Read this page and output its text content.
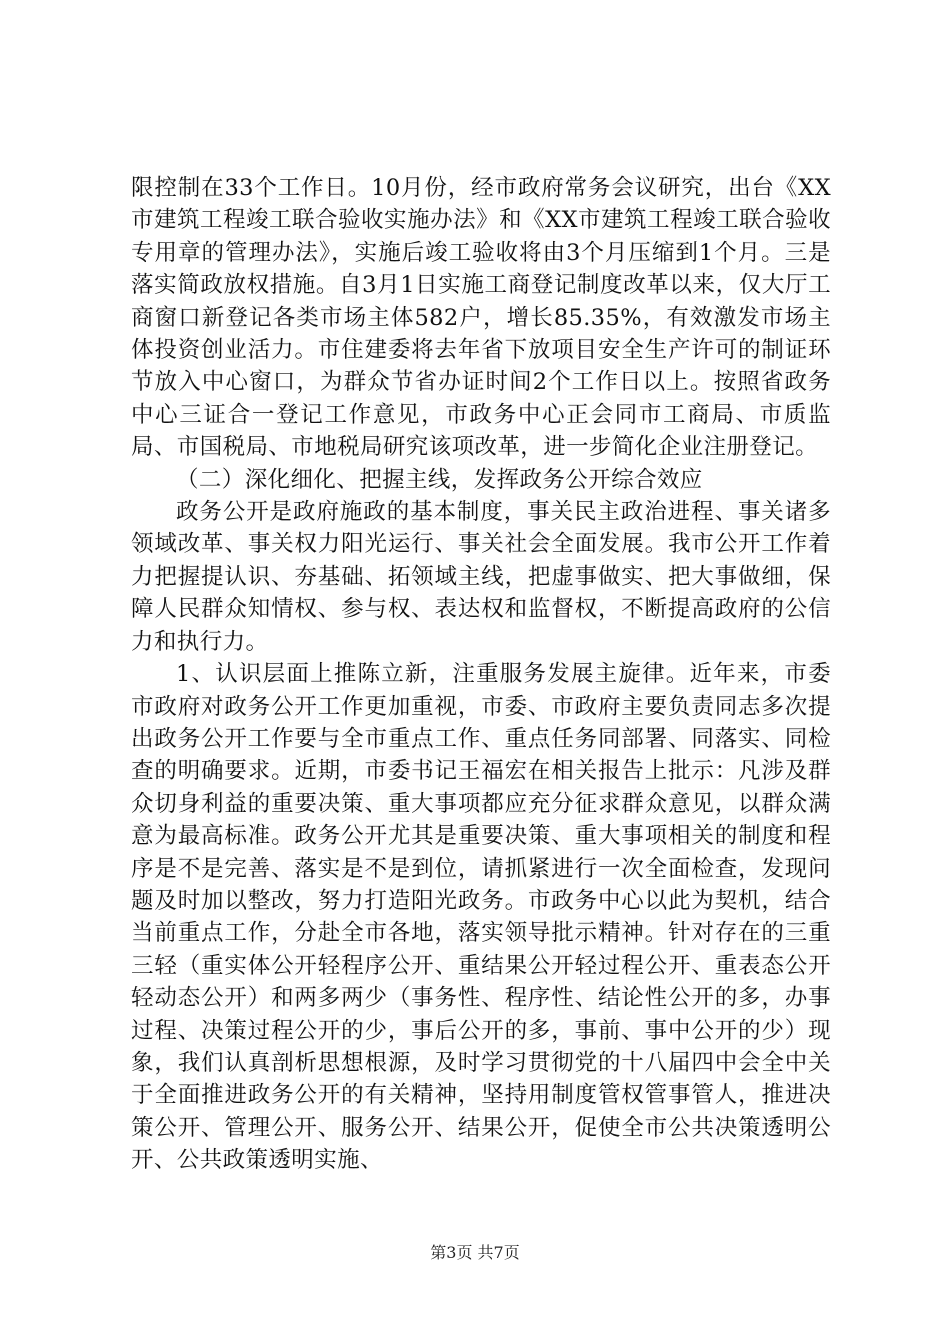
限控制在33个工作日。10月份，经市政府常务会议研究，出台《XX市建筑工程竣工联合验收实施办法》和《XX市建筑工程竣工联合验收专用章的管理办法》，实施后竣工验收将由3个月压缩到1个月。三是落实简政放权措施。自3月1日实施工商登记制度改革以来，仅大厅工商窗口新登记各类市场主体582户，增长85.35%，有效激发市场主体投资创业活力。市住建委将去年省下放项目安全生产许可的制证环节放入中心窗口，为群众节省办证时间2个工作日以上。按照省政务中心三证合一登记工作意见，市政务中心正会同市工商局、市质监局、市国税局、市地税局研究该项改革，进一步简化企业注册登记。

（二）深化细化、把握主线，发挥政务公开综合效应

政务公开是政府施政的基本制度，事关民主政治进程、事关诸多领域改革、事关权力阳光运行、事关社会全面发展。我市公开工作着力把握提认识、夯基础、拓领域主线，把虚事做实、把大事做细，保障人民群众知情权、参与权、表达权和监督权，不断提高政府的公信力和执行力。

1、认识层面上推陈立新，注重服务发展主旋律。近年来，市委市政府对政务公开工作更加重视，市委、市政府主要负责同志多次提出政务公开工作要与全市重点工作、重点任务同部署、同落实、同检查的明确要求。近期，市委书记王福宏在相关报告上批示：凡涉及群众切身利益的重要决策、重大事项都应充分征求群众意见，以群众满意为最高标准。政务公开尤其是重要决策、重大事项相关的制度和程序是不是完善、落实是不是到位，请抓紧进行一次全面检查，发现问题及时加以整改，努力打造阳光政务。市政务中心以此为契机，结合当前重点工作，分赴全市各地，落实领导批示精神。针对存在的三重三轻（重实体公开轻程序公开、重结果公开轻过程公开、重表态公开轻动态公开）和两多两少（事务性、程序性、结论性公开的多，办事过程、决策过程公开的少，事后公开的多，事前、事中公开的少）现象，我们认真剖析思想根源，及时学习贯彻党的十八届四中会全中关于全面推进政务公开的有关精神，坚持用制度管权管事管人，推进决策公开、管理公开、服务公开、结果公开，促使全市公共决策透明公开、公共政策透明实施、

第3页 共7页
